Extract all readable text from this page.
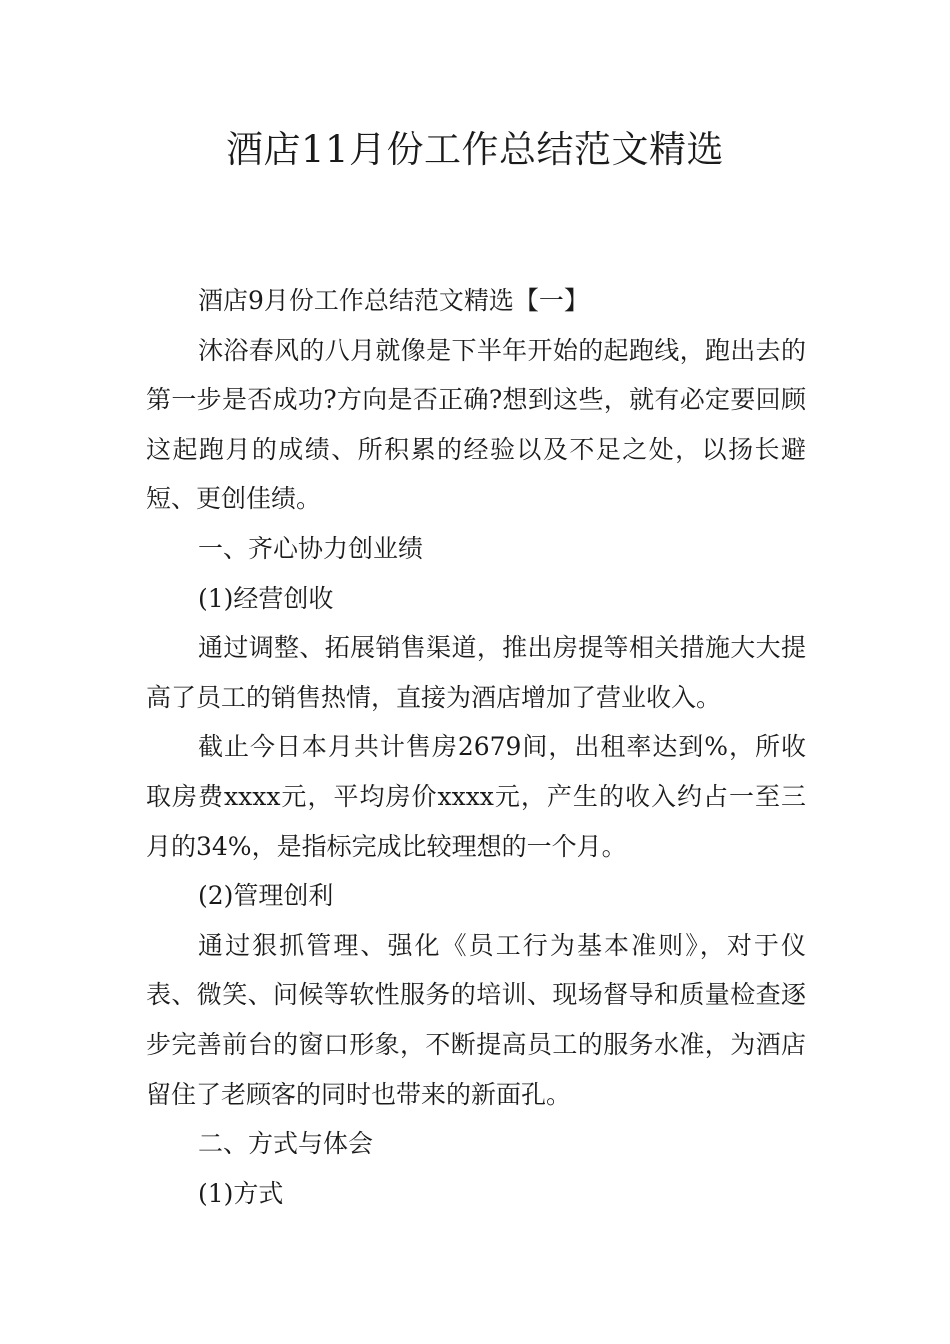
酒店11月份工作总结范文精选

酒店9月份工作总结范文精选【一】

沐浴春风的八月就像是下半年开始的起跑线，跑出去的第一步是否成功?方向是否正确?想到这些，就有必定要回顾这起跑月的成绩、所积累的经验以及不足之处，以扬长避短、更创佳绩。

一、齐心协力创业绩

(1)经营创收

通过调整、拓展销售渠道，推出房提等相关措施大大提高了员工的销售热情，直接为酒店增加了营业收入。

截止今日本月共计售房2679间，出租率达到%，所收取房费xxxx元，平均房价xxxx元，产生的收入约占一至三月的34%，是指标完成比较理想的一个月。

(2)管理创利

通过狠抓管理、强化《员工行为基本准则》，对于仪表、微笑、问候等软性服务的培训、现场督导和质量检查逐步完善前台的窗口形象，不断提高员工的服务水准，为酒店留住了老顾客的同时也带来的新面孔。

二、方式与体会

(1)方式
